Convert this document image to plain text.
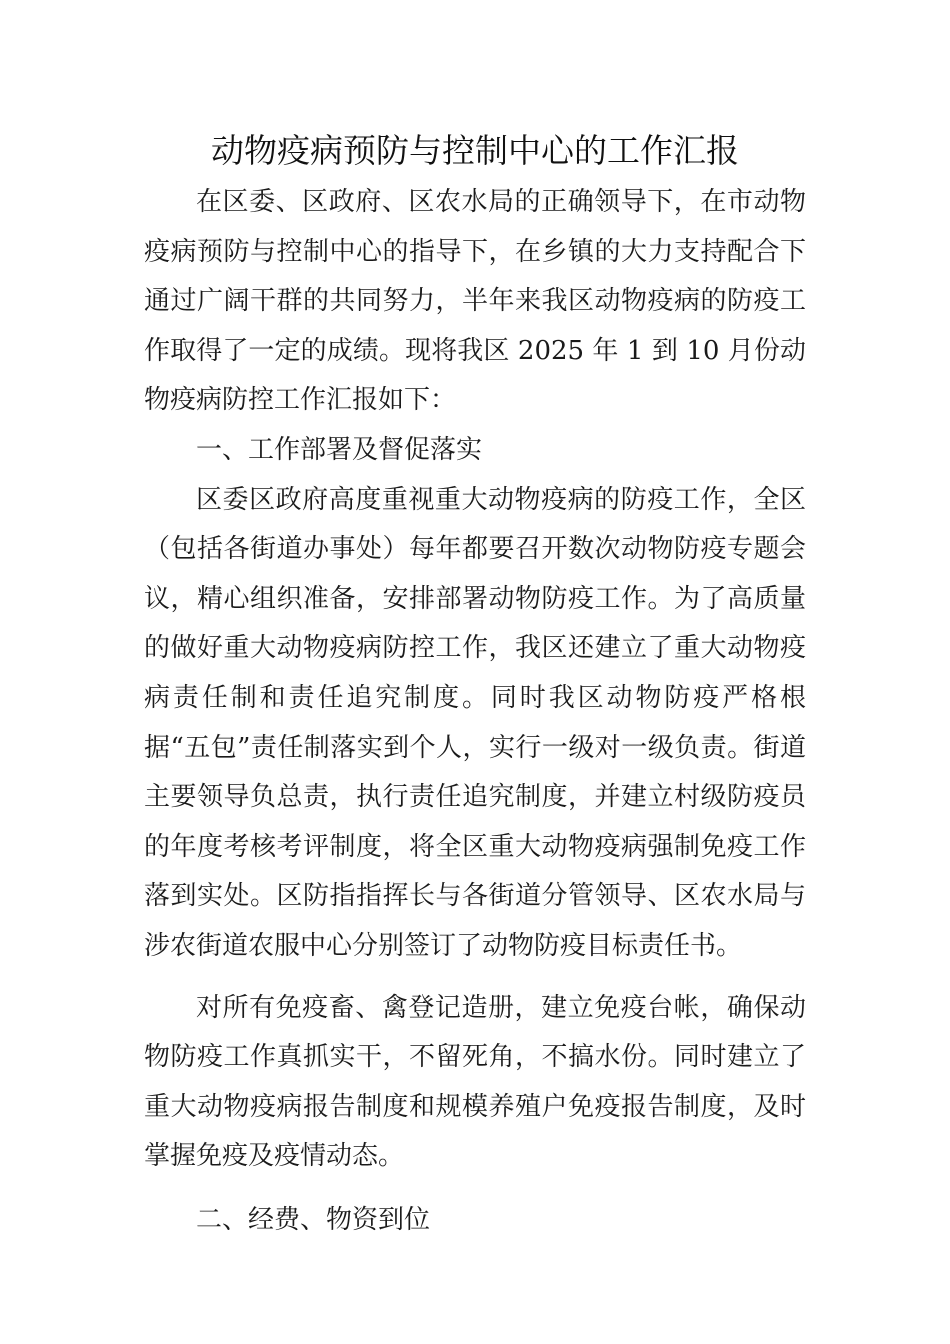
动物疫病预防与控制中心的工作汇报

在区委、区政府、区农水局的正确领导下，在市动物疫病预防与控制中心的指导下，在乡镇的大力支持配合下通过广阔干群的共同努力，半年来我区动物疫病的防疫工作取得了一定的成绩。现将我区 2025 年 1 到 10 月份动物疫病防控工作汇报如下：

一、工作部署及督促落实

区委区政府高度重视重大动物疫病的防疫工作，全区（包括各街道办事处）每年都要召开数次动物防疫专题会议，精心组织准备，安排部署动物防疫工作。为了高质量的做好重大动物疫病防控工作，我区还建立了重大动物疫病责任制和责任追究制度。同时我区动物防疫严格根据“五包”责任制落实到个人，实行一级对一级负责。街道主要领导负总责，执行责任追究制度，并建立村级防疫员的年度考核考评制度，将全区重大动物疫病强制免疫工作落到实处。区防指指挥长与各街道分管领导、区农水局与涉农街道农服中心分别签订了动物防疫目标责任书。

对所有免疫畜、禽登记造册，建立免疫台帐，确保动物防疫工作真抓实干，不留死角，不搞水份。同时建立了重大动物疫病报告制度和规模养殖户免疫报告制度，及时掌握免疫及疫情动态。

二、经费、物资到位
